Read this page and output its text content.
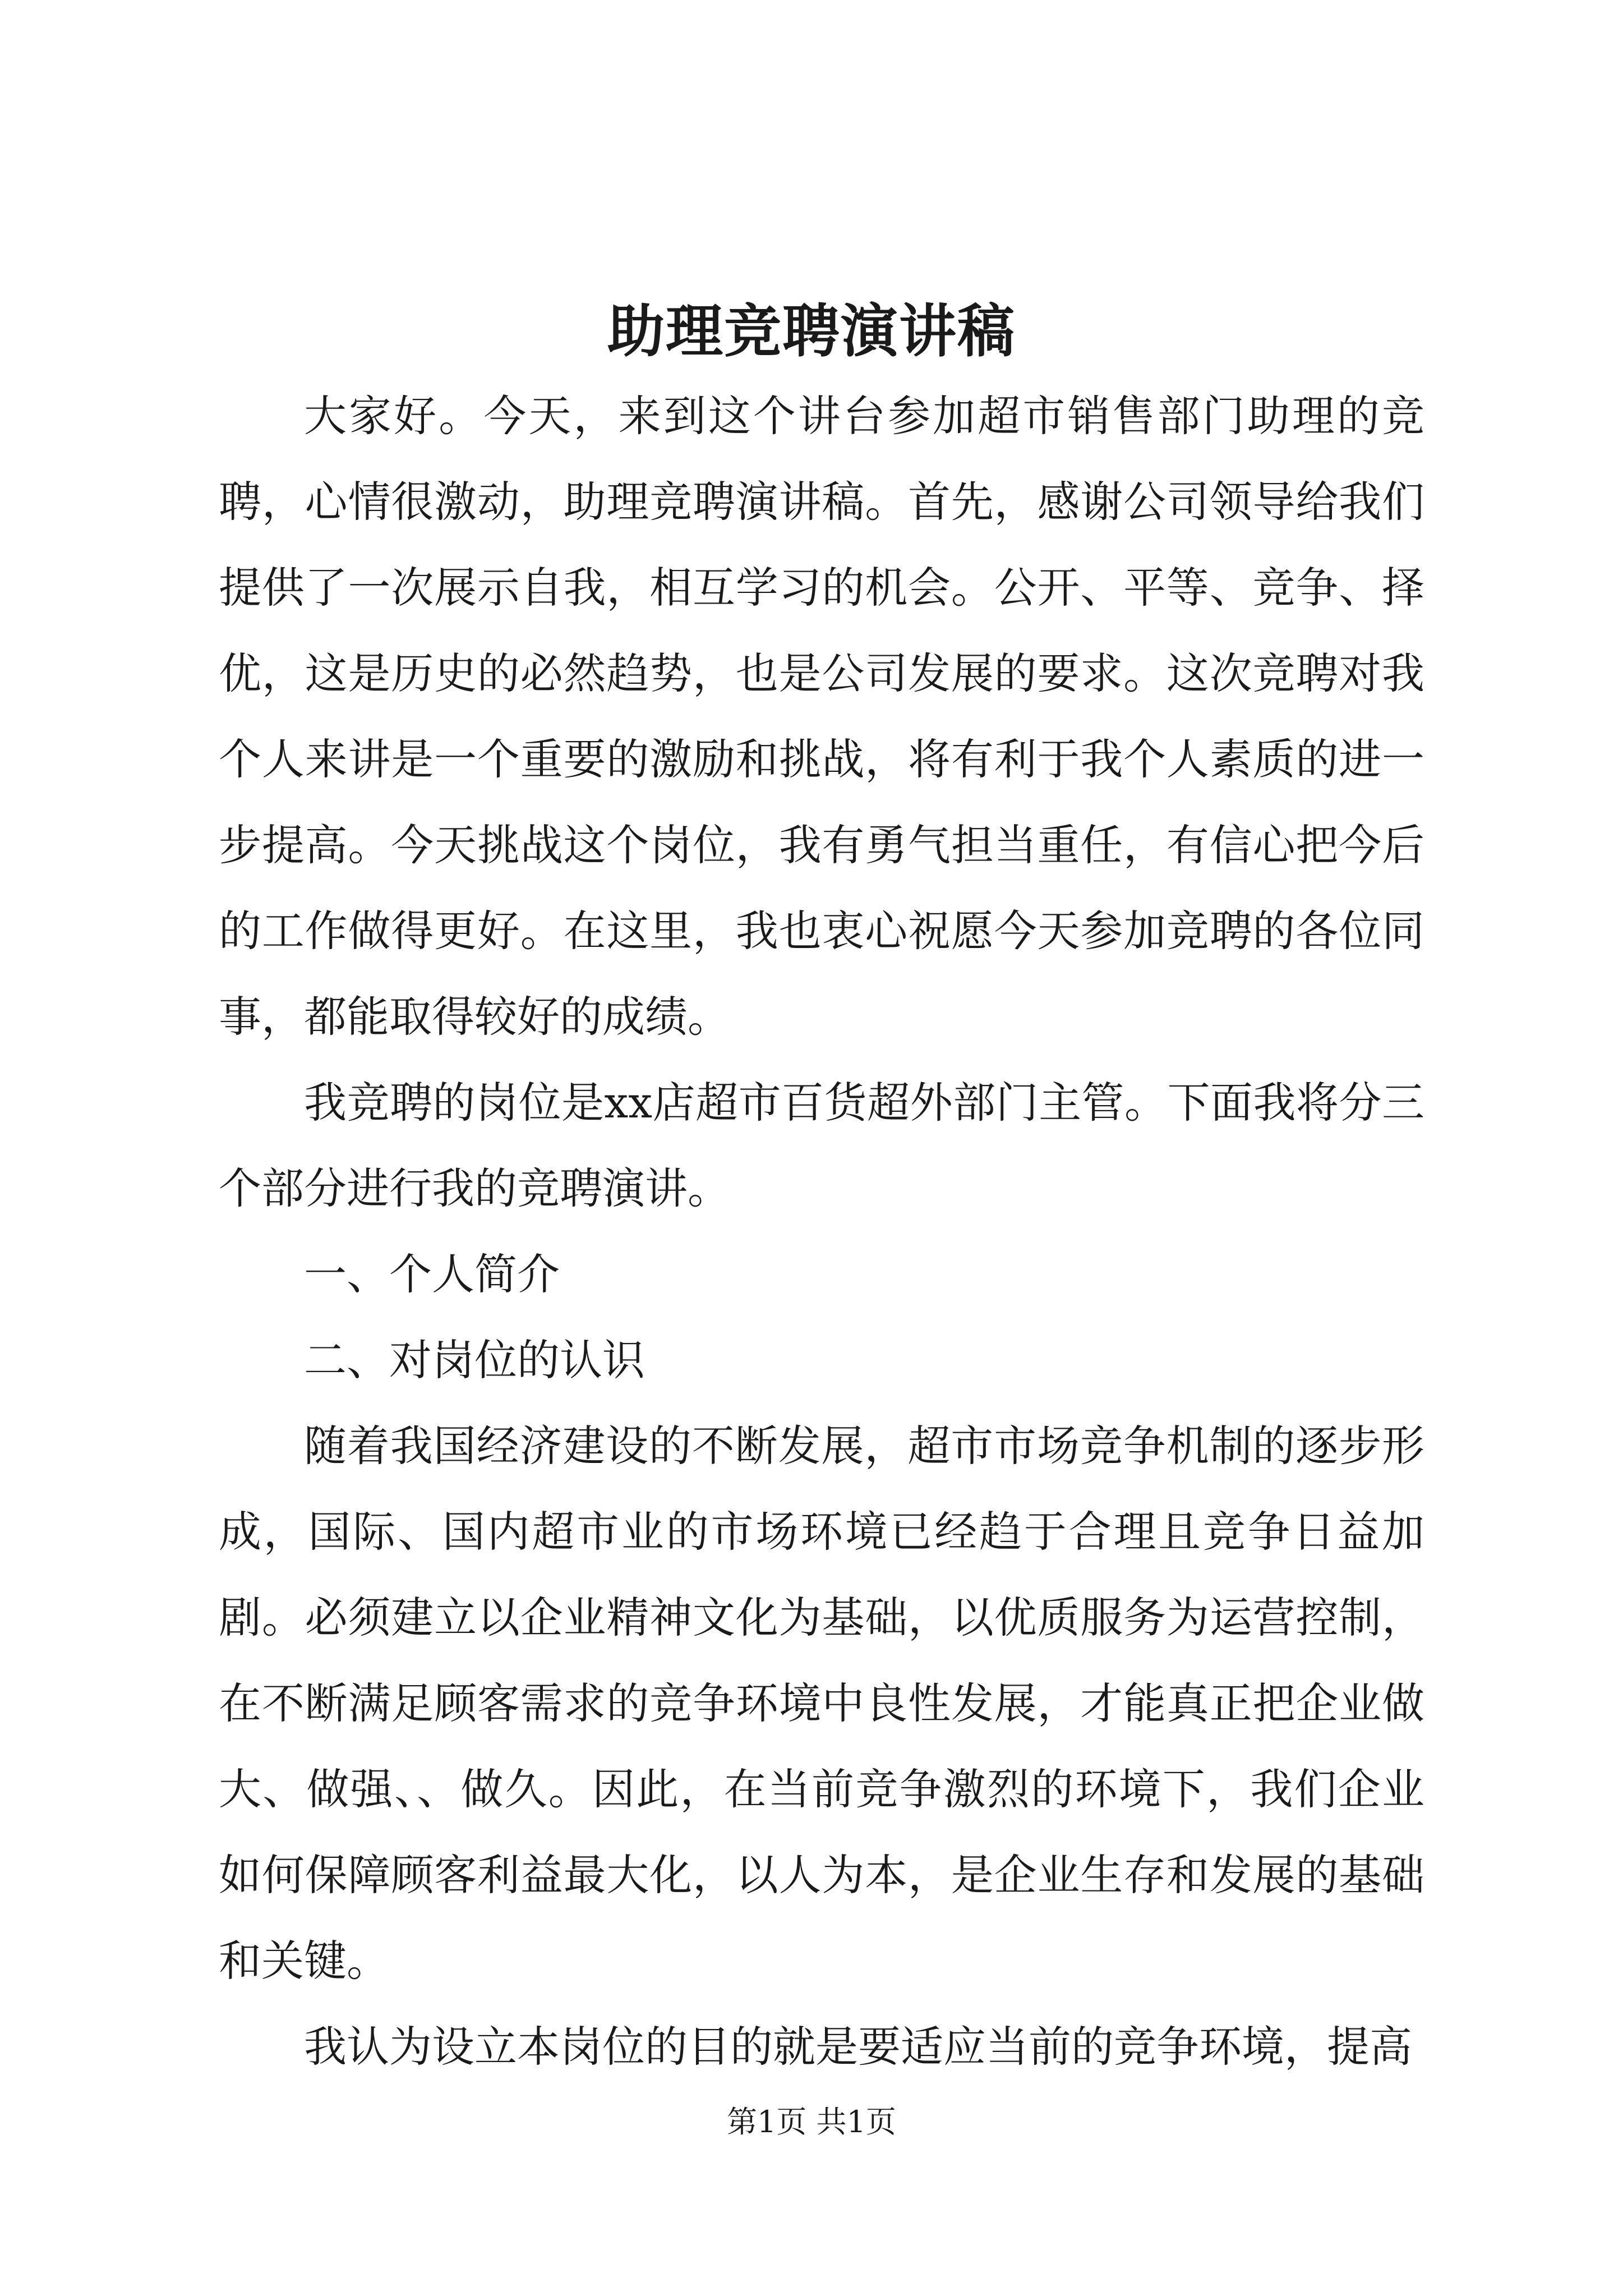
助理竞聘演讲稿

大家好。今天，来到这个讲台参加超市销售部门助理的竞聘，心情很激动，助理竞聘演讲稿。首先，感谢公司领导给我们提供了一次展示自我，相互学习的机会。公开、平等、竞争、择优，这是历史的必然趋势，也是公司发展的要求。这次竞聘对我个人来讲是一个重要的激励和挑战，将有利于我个人素质的进一步提高。今天挑战这个岗位，我有勇气担当重任，有信心把今后的工作做得更好。在这里，我也衷心祝愿今天参加竞聘的各位同事，都能取得较好的成绩。

我竞聘的岗位是xx店超市百货超外部门主管。下面我将分三个部分进行我的竞聘演讲。

一、个人简介

二、对岗位的认识

随着我国经济建设的不断发展，超市市场竞争机制的逐步形成，国际、国内超市业的市场环境已经趋于合理且竞争日益加剧。必须建立以企业精神文化为基础，以优质服务为运营控制，在不断满足顾客需求的竞争环境中良性发展，才能真正把企业做大、做强、、做久。因此，在当前竞争激烈的环境下，我们企业如何保障顾客利益最大化，以人为本，是企业生存和发展的基础和关键。

我认为设立本岗位的目的就是要适应当前的竞争环境，提高

第1页 共1页
